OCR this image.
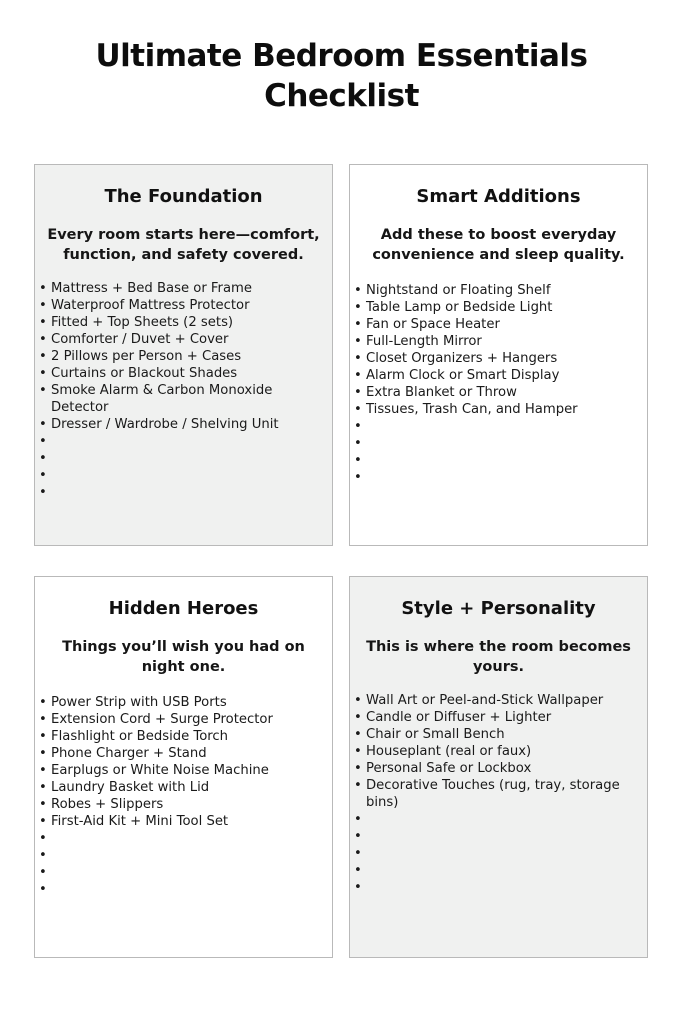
Ultimate Bedroom Essentials
Checklist
The Foundation

Every room starts here—comfort, function, and safety covered.

• Mattress + Bed Base or Frame
• Waterproof Mattress Protector
• Fitted + Top Sheets (2 sets)
• Comforter / Duvet + Cover
• 2 Pillows per Person + Cases
• Curtains or Blackout Shades
• Smoke Alarm & Carbon Monoxide Detector
• Dresser / Wardrobe / Shelving Unit
•
•
•
•
Smart Additions

Add these to boost everyday convenience and sleep quality.

• Nightstand or Floating Shelf
• Table Lamp or Bedside Light
• Fan or Space Heater
• Full-Length Mirror
• Closet Organizers + Hangers
• Alarm Clock or Smart Display
• Extra Blanket or Throw
• Tissues, Trash Can, and Hamper
•
•
•
•
Hidden Heroes

Things you’ll wish you had on night one.

• Power Strip with USB Ports
• Extension Cord + Surge Protector
• Flashlight or Bedside Torch
• Phone Charger + Stand
• Earplugs or White Noise Machine
• Laundry Basket with Lid
• Robes + Slippers
• First-Aid Kit + Mini Tool Set
•
•
•
•
Style + Personality

This is where the room becomes yours.

• Wall Art or Peel-and-Stick Wallpaper
• Candle or Diffuser + Lighter
• Chair or Small Bench
• Houseplant (real or faux)
• Personal Safe or Lockbox
• Decorative Touches (rug, tray, storage bins)
•
•
•
•
•
